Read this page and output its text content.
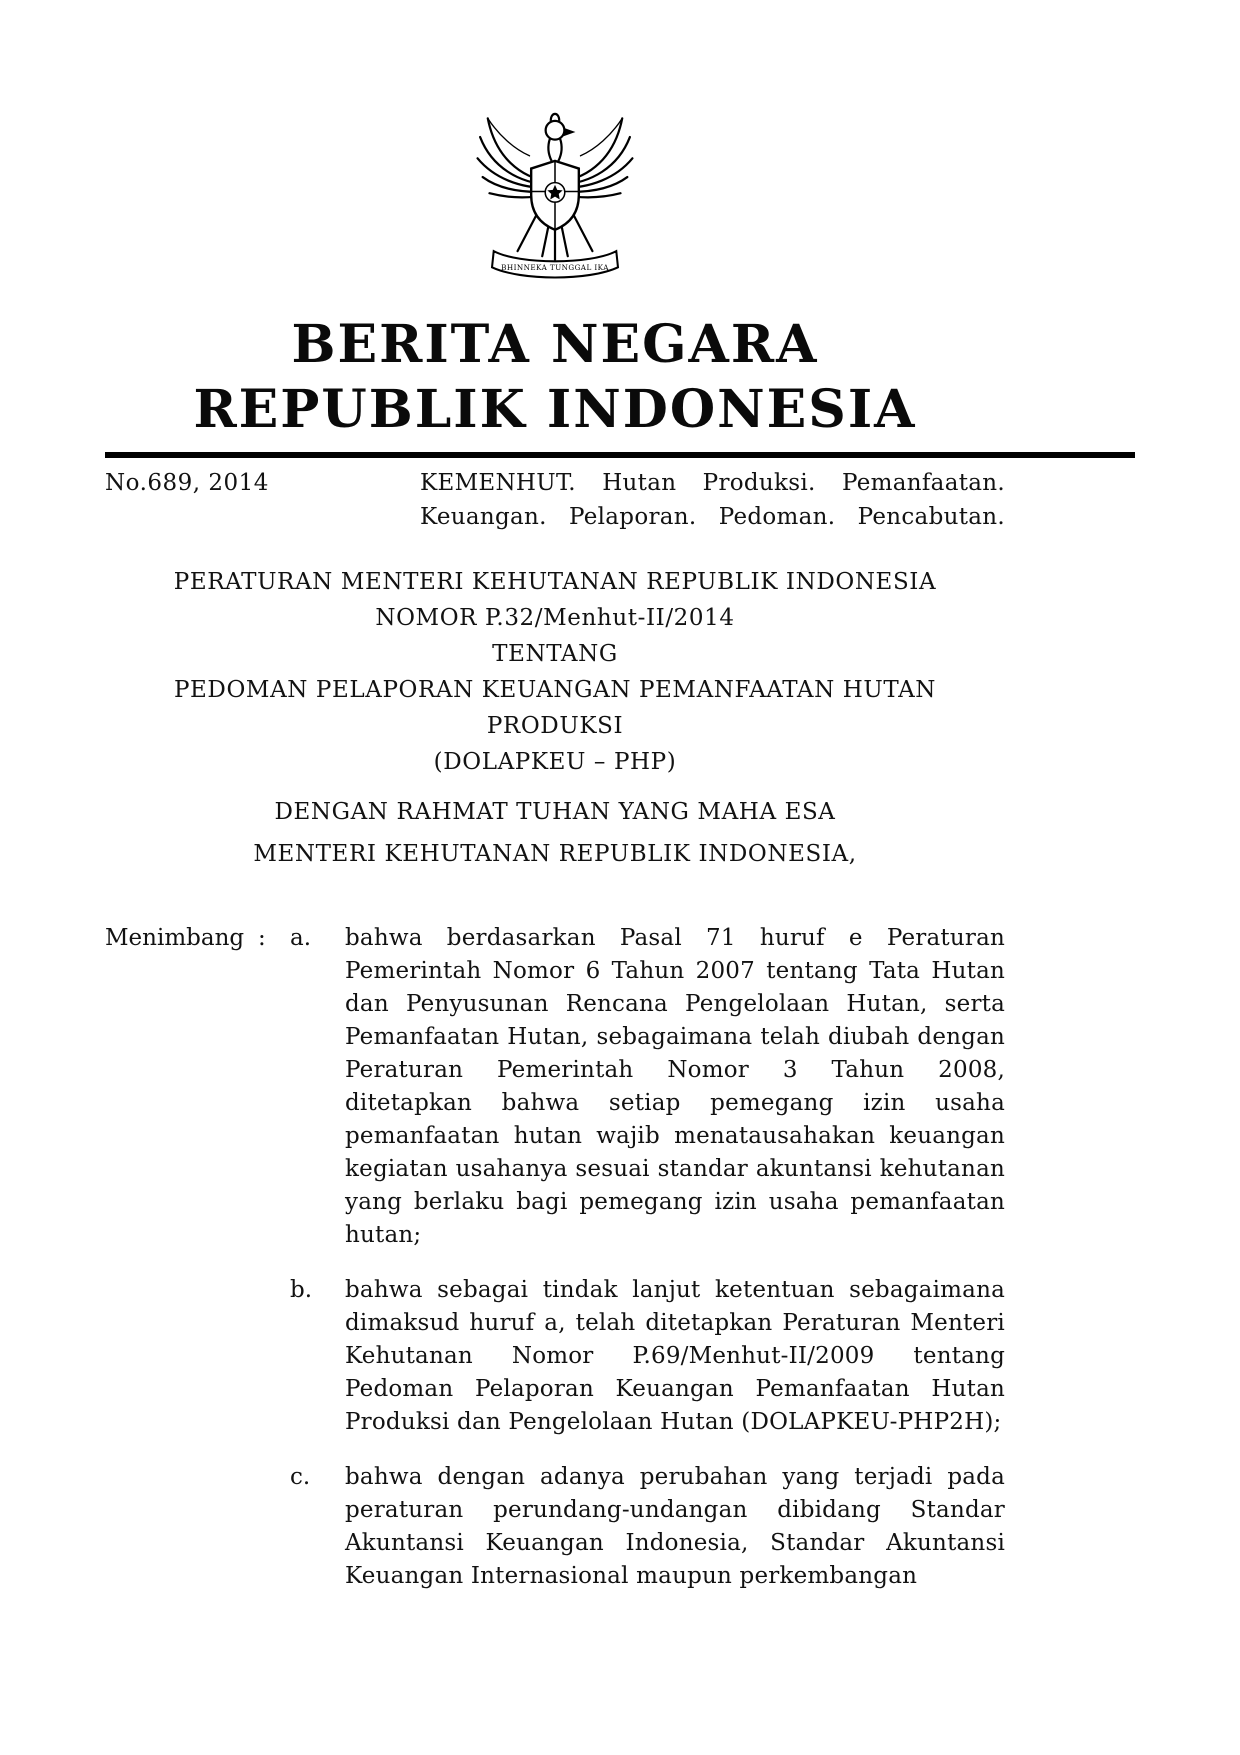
BHINNEKA TUNGGAL IKA
BERITA NEGARA
REPUBLIK INDONESIA
No.689, 2014	KEMENHUT. Hutan Produksi. Pemanfaatan.
Keuangan. Pelaporan. Pedoman. Pencabutan.
PERATURAN MENTERI KEHUTANAN REPUBLIK INDONESIA
NOMOR P.32/Menhut-II/2014
TENTANG
PEDOMAN PELAPORAN KEUANGAN PEMANFAATAN HUTAN PRODUKSI
(DOLAPKEU – PHP)
DENGAN RAHMAT TUHAN YANG MAHA ESA
MENTERI KEHUTANAN REPUBLIK INDONESIA,
Menimbang :	a.	bahwa berdasarkan Pasal 71 huruf e Peraturan Pemerintah Nomor 6 Tahun 2007 tentang Tata Hutan dan Penyusunan Rencana Pengelolaan Hutan, serta Pemanfaatan Hutan, sebagaimana telah diubah dengan Peraturan Pemerintah Nomor 3 Tahun 2008, ditetapkan bahwa setiap pemegang izin usaha pemanfaatan hutan wajib menatausahakan keuangan kegiatan usahanya sesuai standar akuntansi kehutanan yang berlaku bagi pemegang izin usaha pemanfaatan hutan;
b.	bahwa sebagai tindak lanjut ketentuan sebagaimana dimaksud huruf a, telah ditetapkan Peraturan Menteri Kehutanan Nomor P.69/Menhut-II/2009 tentang Pedoman Pelaporan Keuangan Pemanfaatan Hutan Produksi dan Pengelolaan Hutan (DOLAPKEU-PHP2H);
c.	bahwa dengan adanya perubahan yang terjadi pada peraturan perundang-undangan dibidang Standar Akuntansi Keuangan Indonesia, Standar Akuntansi Keuangan Internasional maupun perkembangan
